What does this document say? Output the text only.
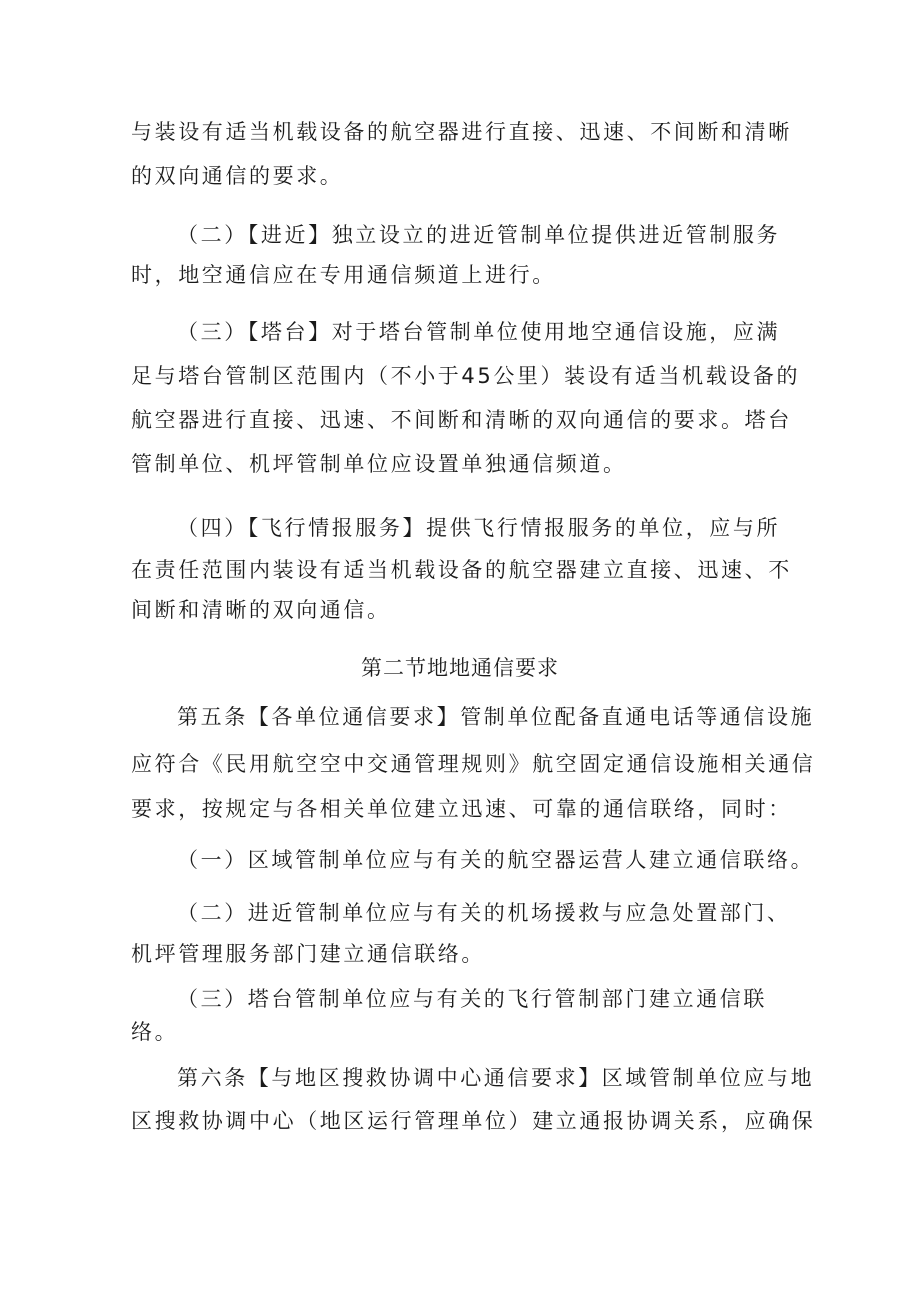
与装设有适当机载设备的航空器进行直接、迅速、不间断和清晰
的双向通信的要求。
（二）【进近】独立设立的进近管制单位提供进近管制服务
时，地空通信应在专用通信频道上进行。
（三）【塔台】对于塔台管制单位使用地空通信设施，应满
足与塔台管制区范围内（不小于45公里）装设有适当机载设备的
航空器进行直接、迅速、不间断和清晰的双向通信的要求。塔台
管制单位、机坪管制单位应设置单独通信频道。
（四）【飞行情报服务】提供飞行情报服务的单位，应与所
在责任范围内装设有适当机载设备的航空器建立直接、迅速、不
间断和清晰的双向通信。
第二节地地通信要求
第五条【各单位通信要求】管制单位配备直通电话等通信设施
应符合《民用航空空中交通管理规则》航空固定通信设施相关通信
要求，按规定与各相关单位建立迅速、可靠的通信联络，同时：
（一）区域管制单位应与有关的航空器运营人建立通信联络。
（二）进近管制单位应与有关的机场援救与应急处置部门、
机坪管理服务部门建立通信联络。
（三）塔台管制单位应与有关的飞行管制部门建立通信联
络。
第六条【与地区搜救协调中心通信要求】区域管制单位应与地
区搜救协调中心（地区运行管理单位）建立通报协调关系，应确保
